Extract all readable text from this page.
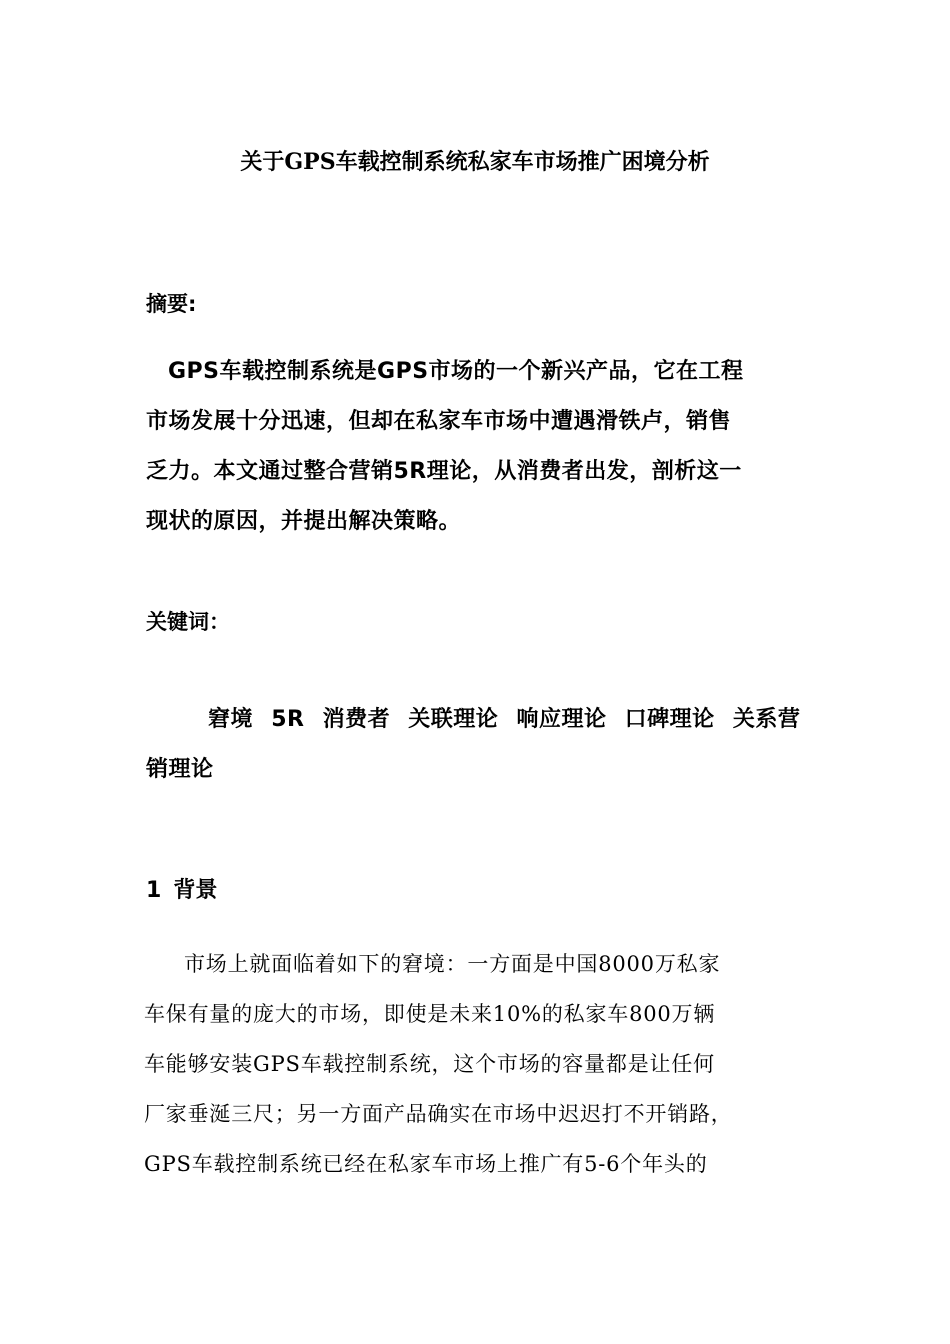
关于GPS车载控制系统私家车市场推广困境分析
摘要:
GPS车载控制系统是GPS市场的一个新兴产品，它在工程
市场发展十分迅速，但却在私家车市场中遭遇滑铁卢，销售
乏力。本文通过整合营销5R理论，从消费者出发，剖析这一
现状的原因，并提出解决策略。
关键词：
窘境 5R 消费者 关联理论 响应理论 口碑理论 关系营
销理论
1 背景
市场上就面临着如下的窘境：一方面是中国8000万私家
车保有量的庞大的市场，即使是未来10%的私家车800万辆
车能够安装GPS车载控制系统，这个市场的容量都是让任何
厂家垂涎三尺；另一方面产品确实在市场中迟迟打不开销路，
GPS车载控制系统已经在私家车市场上推广有5-6个年头的
